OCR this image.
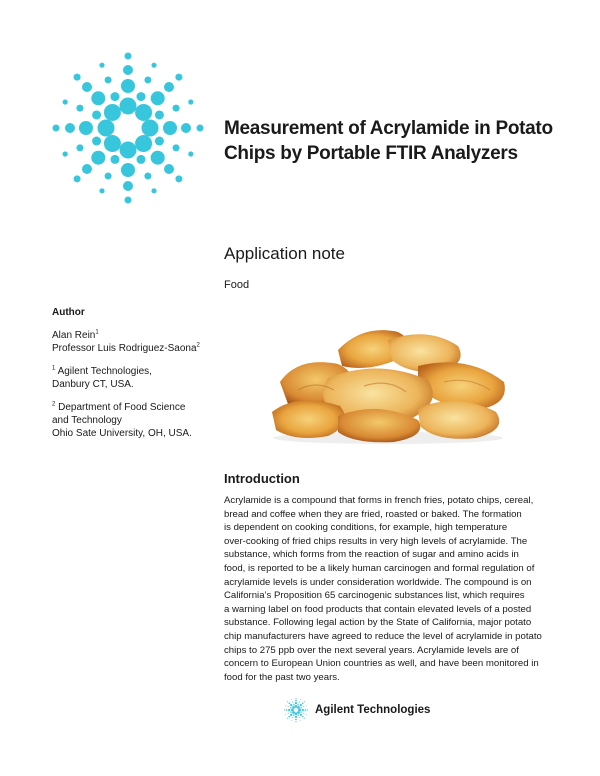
Measurement of Acrylamide in Potato Chips by Portable FTIR Analyzers
Application note
Food
Author

Alan Rein$^1$
Professor Luis Rodriguez-Saona$^2$

$^1$ Agilent Technologies,
Danbury CT, USA.

$^2$ Department of Food Science
and Technology
Ohio Sate University, OH, USA.

Introduction
Acrylamide is a compound that forms in french fries, potato chips, cereal,
bread and coffee when they are fried, roasted or baked. The formation
is dependent on cooking conditions, for example, high temperature
over-cooking of fried chips results in very high levels of acrylamide. The
substance, which forms from the reaction of sugar and amino acids in
food, is reported to be a likely human carcinogen and formal regulation of
acrylamide levels is under consideration worldwide. The compound is on
California’s Proposition 65 carcinogenic substances list, which requires
a warning label on food products that contain elevated levels of a posted
substance. Following legal action by the State of California, major potato
chip manufacturers have agreed to reduce the level of acrylamide in potato
chips to 275 ppb over the next several years. Acrylamide levels are of
concern to European Union countries as well, and have been monitored in
food for the past two years.
Agilent Technologies
